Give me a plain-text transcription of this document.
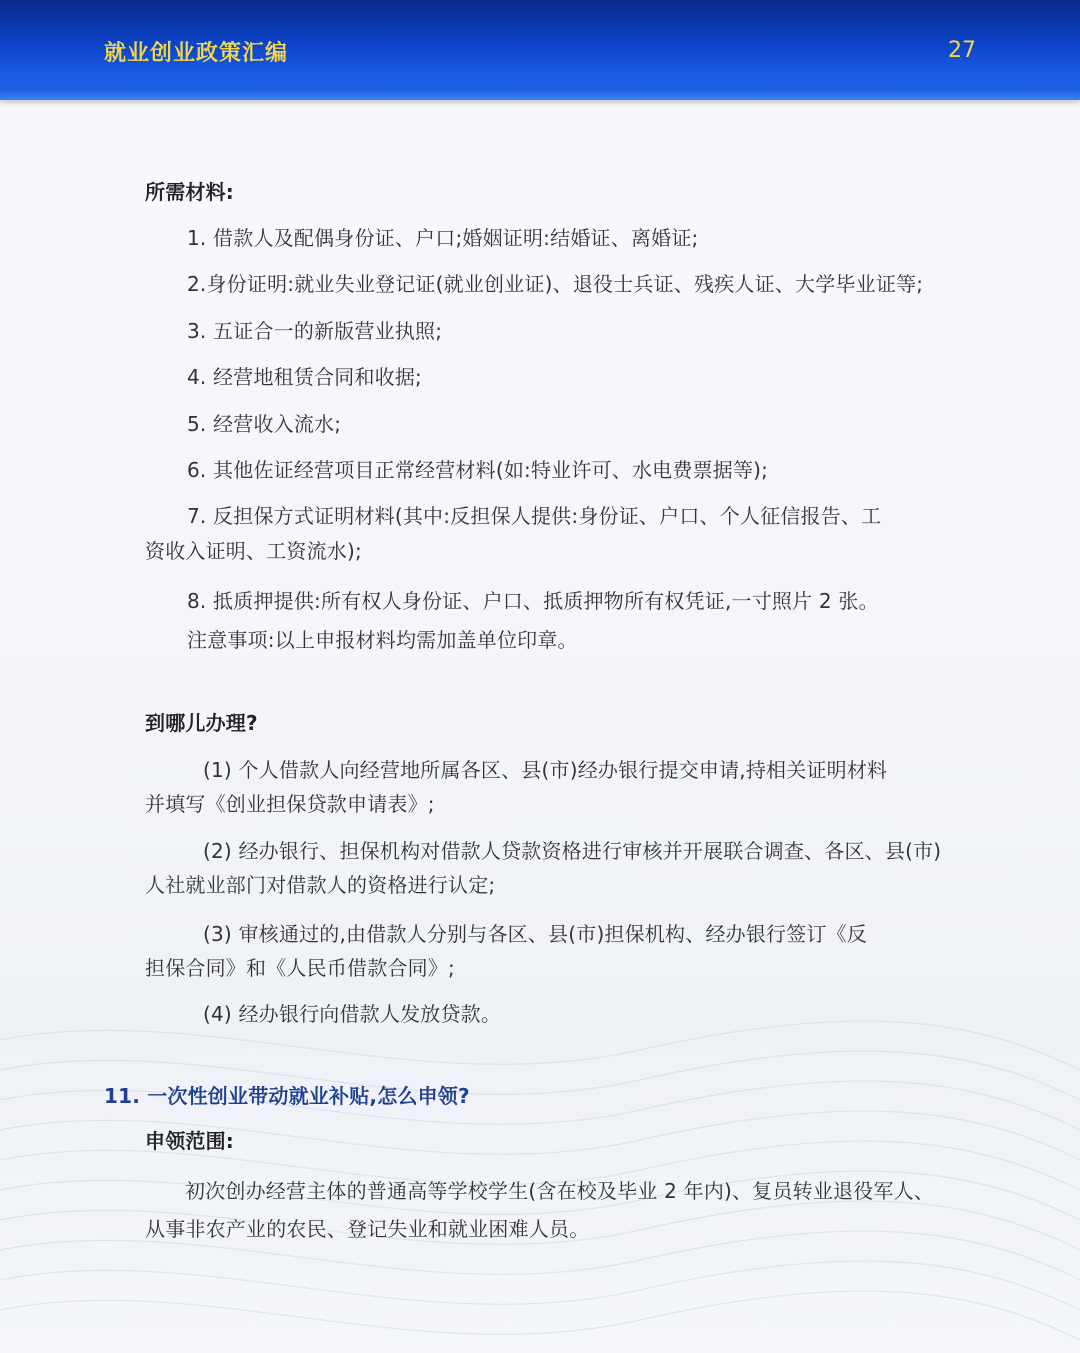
就业创业政策汇编	27
所需材料:
1. 借款人及配偶身份证、户口;婚姻证明:结婚证、离婚证;
2.身份证明:就业失业登记证(就业创业证)、退役士兵证、残疾人证、大学毕业证等;
3. 五证合一的新版营业执照;
4. 经营地租赁合同和收据;
5. 经营收入流水;
6. 其他佐证经营项目正常经营材料(如:特业许可、水电费票据等);
7. 反担保方式证明材料(其中:反担保人提供:身份证、户口、个人征信报告、工
资收入证明、工资流水);
8. 抵质押提供:所有权人身份证、户口、抵质押物所有权凭证,一寸照片 2 张。
注意事项:以上申报材料均需加盖单位印章。
到哪儿办理?
(1) 个人借款人向经营地所属各区、县(市)经办银行提交申请,持相关证明材料
并填写《创业担保贷款申请表》;
(2) 经办银行、担保机构对借款人贷款资格进行审核并开展联合调查、各区、县(市)
人社就业部门对借款人的资格进行认定;
(3) 审核通过的,由借款人分别与各区、县(市)担保机构、经办银行签订《反
担保合同》和《人民币借款合同》;
(4) 经办银行向借款人发放贷款。
11. 一次性创业带动就业补贴,怎么申领?
申领范围:
初次创办经营主体的普通高等学校学生(含在校及毕业 2 年内)、复员转业退役军人、
从事非农产业的农民、登记失业和就业困难人员。
